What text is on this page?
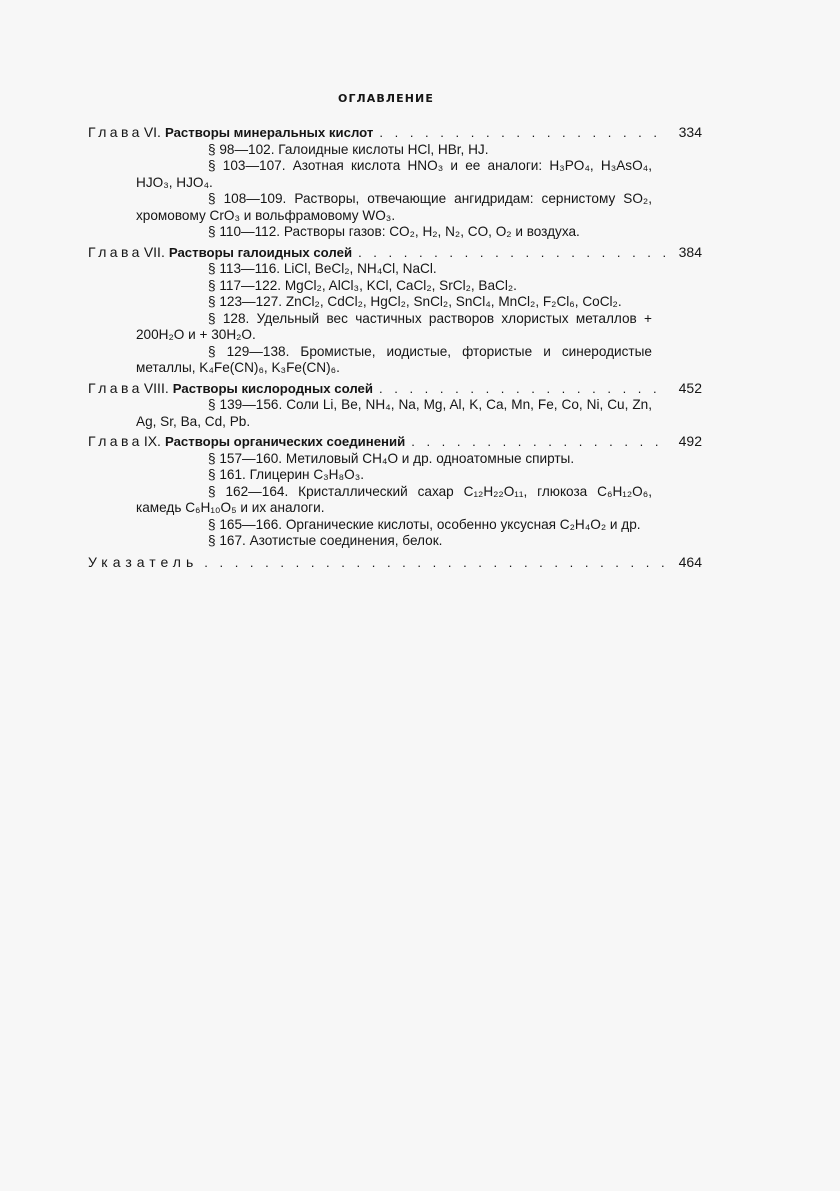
ОГЛАВЛЕНИЕ
Глава VI. Растворы минеральных кислот . . .	334
§ 98—102. Галоидные кислоты HCl, HBr, HJ.
§ 103—107. Азотная кислота HNO₃ и ее аналоги: H₃PO₄, H₃AsO₄, HJO₃, HJO₄.
§ 108—109. Растворы, отвечающие ангидридам: сернистому SO₂, хромовому CrO₃ и вольфрамовому WO₃.
§ 110—112. Растворы газов: CO₂, H₂, N₂, CO, O₂ и воздуха.
Глава VII. Растворы галоидных солей . . .	384
§ 113—116. LiCl, BeCl₂, NH₄Cl, NaCl.
§ 117—122. MgCl₂, AlCl₃, KCl, CaCl₂, SrCl₂, BaCl₂.
§ 123—127. ZnCl₂, CdCl₂, HgCl₂, SnCl₂, SnCl₄, MnCl₂, F₂Cl₆, CoCl₂.
§ 128. Удельный вес частичных растворов хлористых металлов + 200H₂O и + 30H₂O.
§ 129—138. Бромистые, иодистые, фтористые и синеродистые металлы, K₄Fe(CN)₆, K₃Fe(CN)₆.
Глава VIII. Растворы кислородных солей . . .	452
§ 139—156. Соли Li, Be, NH₄, Na, Mg, Al, K, Ca, Mn, Fe, Co, Ni, Cu, Zn, Ag, Sr, Ba, Cd, Pb.
Глава IX. Растворы органических соединений . . .	492
§ 157—160. Метиловый CH₄O и др. одноатомные спирты.
§ 161. Глицерин C₃H₈O₃.
§ 162—164. Кристаллический сахар C₁₂H₂₂O₁₁, глюкоза C₆H₁₂O₆, камедь C₆H₁₀O₅ и их аналоги.
§ 165—166. Органические кислоты, особенно уксусная C₂H₄O₂ и др.
§ 167. Азотистые соединения, белок.
Указатель . . .	464
